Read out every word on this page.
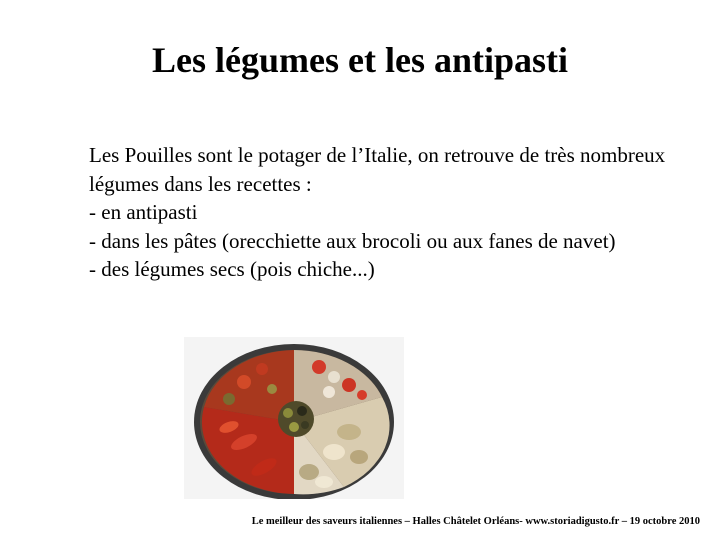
Les légumes et les antipasti

Les Pouilles sont le potager de l’Italie, on retrouve de très nombreux légumes dans les recettes :

- en antipasti

- dans les pâtes (orecchiette aux brocoli ou aux fanes de navet)

- des légumes secs (pois chiche...)

Le meilleur des saveurs italiennes – Halles Châtelet Orléans- www.storiadigusto.fr – 19 octobre 2010
